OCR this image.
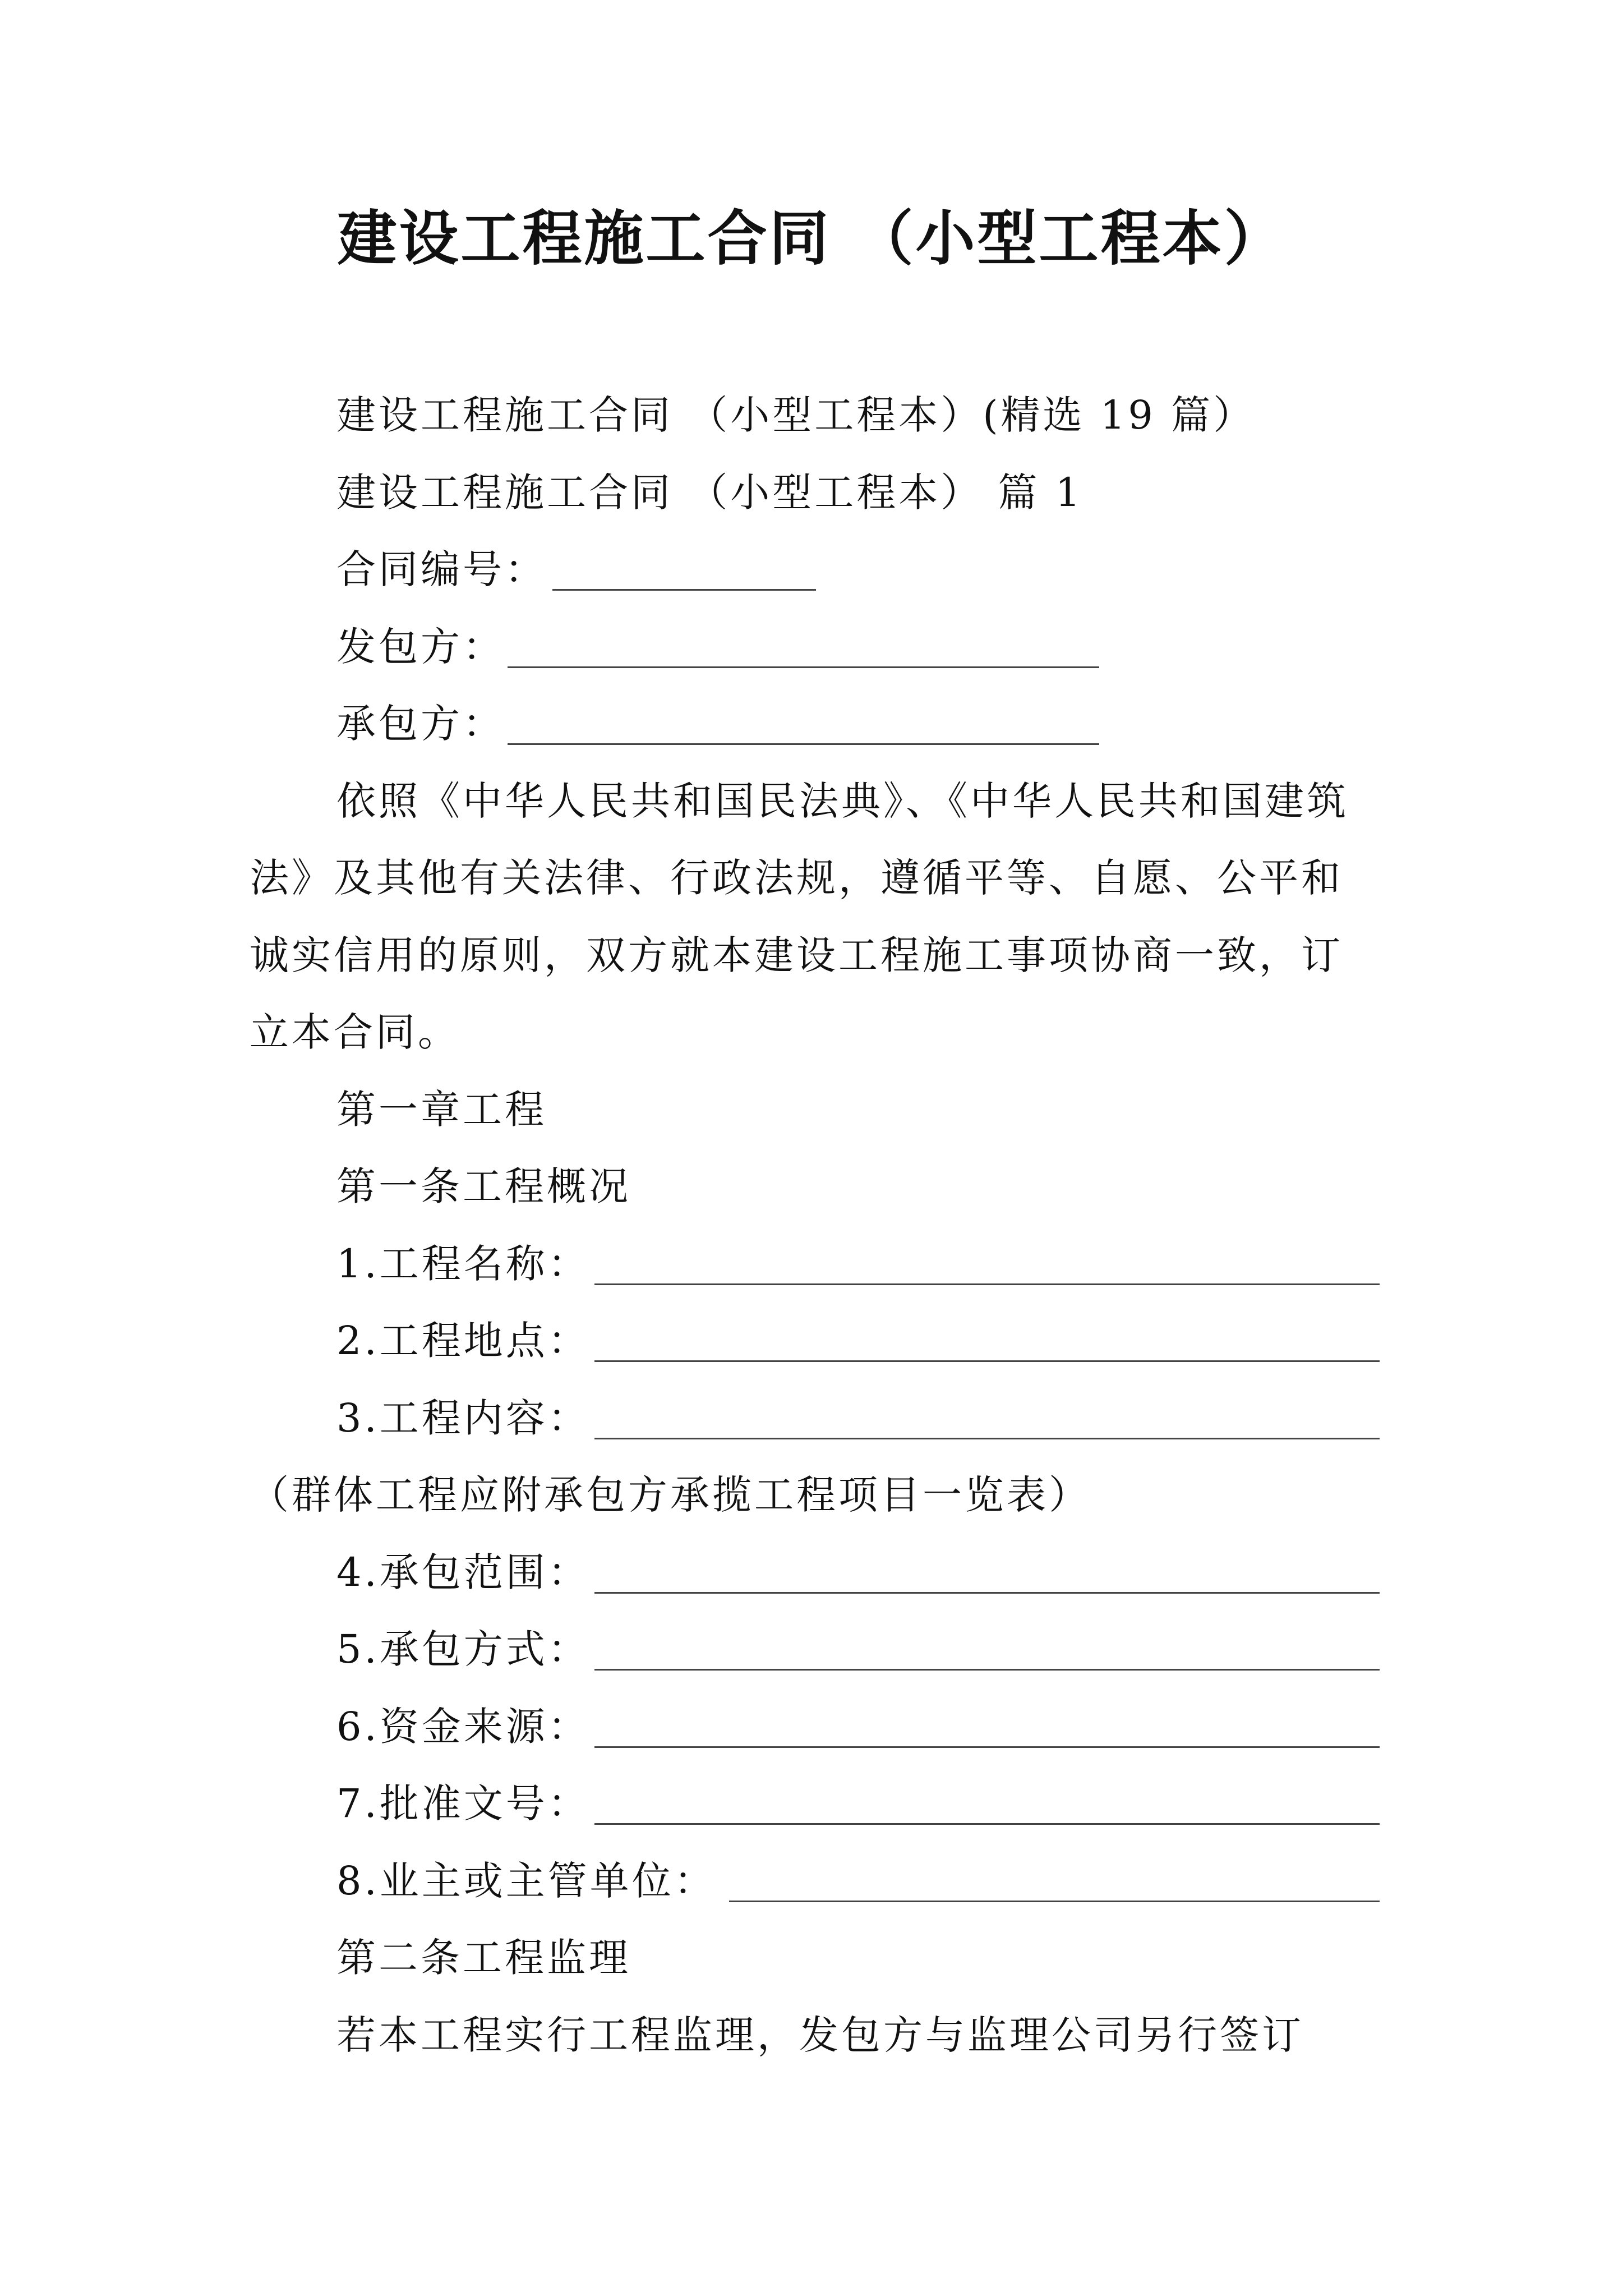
建设工程施工合同 （小型工程本）
建设工程施工合同 （小型工程本）(精选 19 篇）
建设工程施工合同 （小型工程本） 篇 1
合同编号：
发包方：
承包方：
依照《中华人民共和国民法典》、《中华人民共和国建筑
法》及其他有关法律、行政法规，遵循平等、自愿、公平和
诚实信用的原则，双方就本建设工程施工事项协商一致，订
立本合同。
第一章工程
第一条工程概况
1.工程名称：
2.工程地点：
3.工程内容：
（群体工程应附承包方承揽工程项目一览表）
4.承包范围：
5.承包方式：
6.资金来源：
7.批准文号：
8.业主或主管单位：
第二条工程监理
若本工程实行工程监理，发包方与监理公司另行签订
